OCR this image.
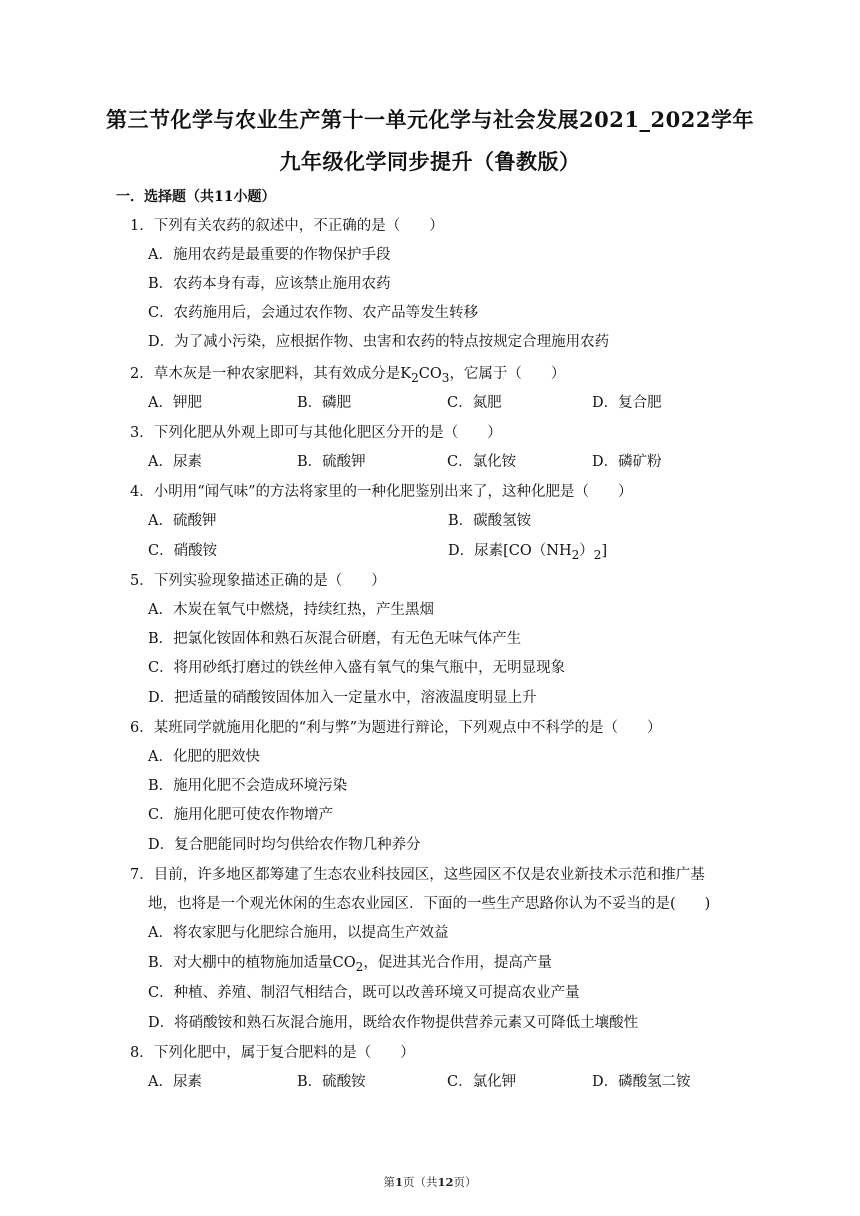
第三节化学与农业生产第十一单元化学与社会发展2021_2022学年
九年级化学同步提升（鲁教版）
一．选择题（共11小题）
1．下列有关农药的叙述中，不正确的是（　　）
A．施用农药是最重要的作物保护手段
B．农药本身有毒，应该禁止施用农药
C．农药施用后，会通过农作物、农产品等发生转移
D．为了减小污染，应根据作物、虫害和农药的特点按规定合理施用农药
2．草木灰是一种农家肥料，其有效成分是$K_2CO_3$，它属于（　　）
A．钾肥	B．磷肥	C．氮肥	D．复合肥
3．下列化肥从外观上即可与其他化肥区分开的是（　　）
A．尿素	B．硫酸钾	C．氯化铵	D．磷矿粉
4．小明用“闻气味”的方法将家里的一种化肥鉴别出来了，这种化肥是（　　）
A．硫酸钾	B．碳酸氢铵
C．硝酸铵	D．尿素$[CO(NH_2)_2]$
5．下列实验现象描述正确的是（　　）
A．木炭在氧气中燃烧，持续红热，产生黑烟
B．把氯化铵固体和熟石灰混合研磨，有无色无味气体产生
C．将用砂纸打磨过的铁丝伸入盛有氧气的集气瓶中，无明显现象
D．把适量的硝酸铵固体加入一定量水中，溶液温度明显上升
6．某班同学就施用化肥的“利与弊”为题进行辩论，下列观点中不科学的是（　　）
A．化肥的肥效快
B．施用化肥不会造成环境污染
C．施用化肥可使农作物增产
D．复合肥能同时均匀供给农作物几种养分
7．目前，许多地区都筹建了生态农业科技园区，这些园区不仅是农业新技术示范和推广基
地，也将是一个观光休闲的生态农业园区．下面的一些生产思路你认为不妥当的是(　　)
A．将农家肥与化肥综合施用，以提高生产效益
B．对大棚中的植物施加适量$CO_2$，促进其光合作用，提高产量
C．种植、养殖、制沼气相结合，既可以改善环境又可提高农业产量
D．将硝酸铵和熟石灰混合施用，既给农作物提供营养元素又可降低土壤酸性
8．下列化肥中，属于复合肥料的是（　　）
A．尿素	B．硫酸铵	C．氯化钾	D．磷酸氢二铵
第1页（共12页）
